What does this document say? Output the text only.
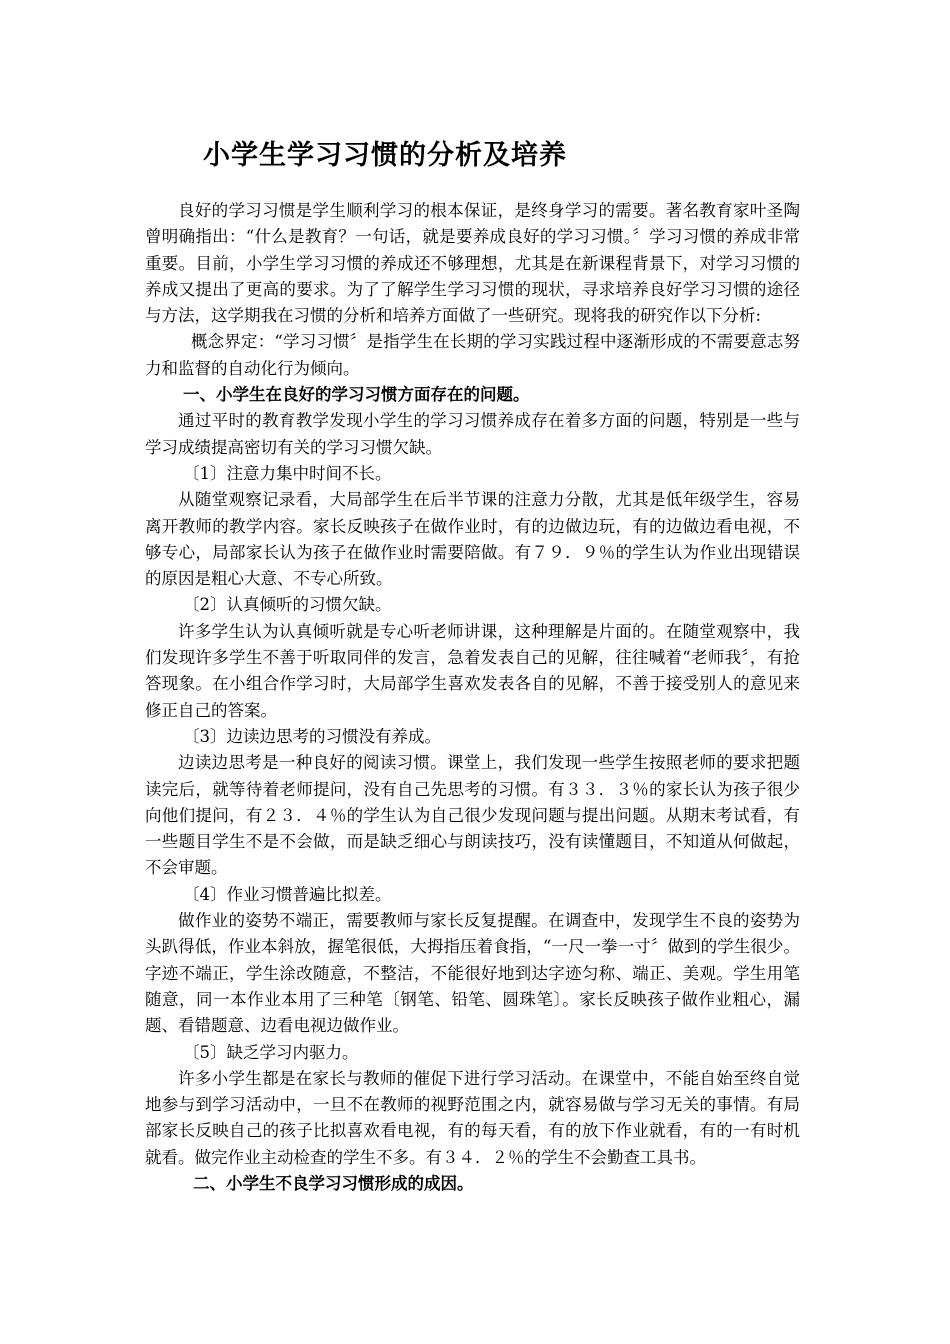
小学生学习习惯的分析及培养

良好的学习习惯是学生顺利学习的根本保证，是终身学习的需要。著名教育家叶圣陶曾明确指出：“什么是教育？一句话，就是要养成良好的学习习惯。〞学习习惯的养成非常重要。目前，小学生学习习惯的养成还不够理想，尤其是在新课程背景下，对学习习惯的养成又提出了更高的要求。为了了解学生学习习惯的现状，寻求培养良好学习习惯的途径与方法，这学期我在习惯的分析和培养方面做了一些研究。现将我的研究作以下分析:

概念界定：“学习习惯〞是指学生在长期的学习实践过程中逐渐形成的不需要意志努力和监督的自动化行为倾向。

一、小学生在良好的学习习惯方面存在的问题。

通过平时的教育教学发现小学生的学习习惯养成存在着多方面的问题，特别是一些与学习成绩提高密切有关的学习习惯欠缺。

〔1〕注意力集中时间不长。

从随堂观察记录看，大局部学生在后半节课的注意力分散，尤其是低年级学生，容易离开教师的教学内容。家长反映孩子在做作业时，有的边做边玩，有的边做边看电视，不够专心，局部家长认为孩子在做作业时需要陪做。有７９．９％的学生认为作业出现错误的原因是粗心大意、不专心所致。

〔2〕认真倾听的习惯欠缺。

许多学生认为认真倾听就是专心听老师讲课，这种理解是片面的。在随堂观察中，我们发现许多学生不善于听取同伴的发言，急着发表自己的见解，往往喊着“老师我〞，有抢答现象。在小组合作学习时，大局部学生喜欢发表各自的见解，不善于接受别人的意见来修正自己的答案。

〔3〕边读边思考的习惯没有养成。

边读边思考是一种良好的阅读习惯。课堂上，我们发现一些学生按照老师的要求把题读完后，就等待着老师提问，没有自己先思考的习惯。有３３．３％的家长认为孩子很少向他们提问，有２３．４％的学生认为自己很少发现问题与提出问题。从期末考试看，有一些题目学生不是不会做，而是缺乏细心与朗读技巧，没有读懂题目，不知道从何做起，不会审题。

〔4〕作业习惯普遍比拟差。

做作业的姿势不端正，需要教师与家长反复提醒。在调查中，发现学生不良的姿势为头趴得低，作业本斜放，握笔很低，大拇指压着食指，“一尺一拳一寸〞做到的学生很少。字迹不端正，学生涂改随意，不整洁，不能很好地到达字迹匀称、端正、美观。学生用笔随意，同一本作业本用了三种笔〔钢笔、铅笔、圆珠笔〕。家长反映孩子做作业粗心，漏题、看错题意、边看电视边做作业。

〔5〕缺乏学习内驱力。

许多小学生都是在家长与教师的催促下进行学习活动。在课堂中，不能自始至终自觉地参与到学习活动中，一旦不在教师的视野范围之内，就容易做与学习无关的事情。有局部家长反映自己的孩子比拟喜欢看电视，有的每天看，有的放下作业就看，有的一有时机就看。做完作业主动检查的学生不多。有３４．２％的学生不会勤查工具书。

二、小学生不良学习习惯形成的成因。
